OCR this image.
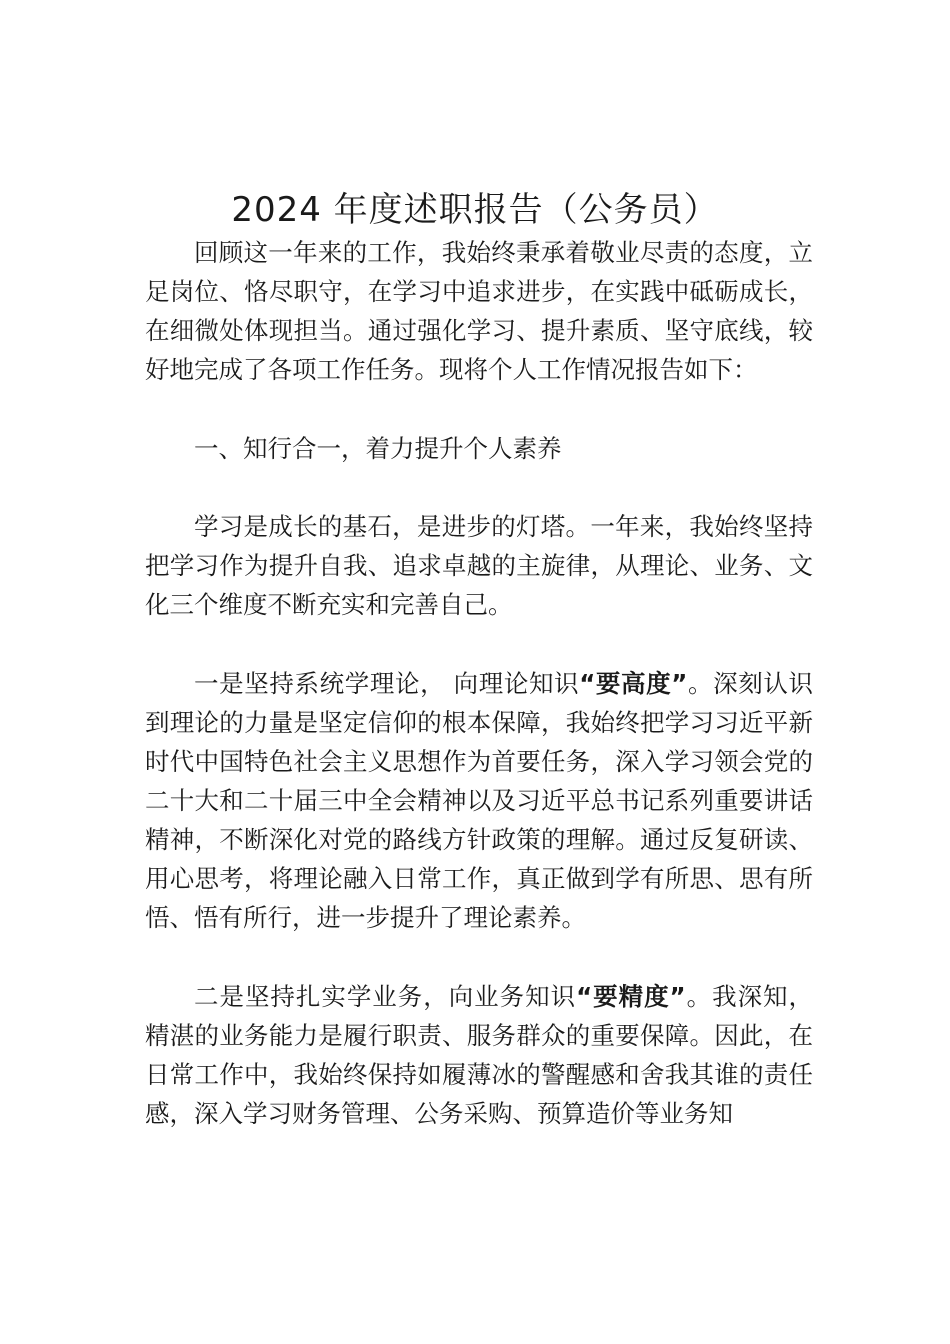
2024 年度述职报告（公务员）

回顾这一年来的工作，我始终秉承着敬业尽责的态度，立足岗位、恪尽职守，在学习中追求进步，在实践中砥砺成长，在细微处体现担当。通过强化学习、提升素质、坚守底线，较好地完成了各项工作任务。现将个人工作情况报告如下：

一、知行合一，着力提升个人素养

学习是成长的基石，是进步的灯塔。一年来，我始终坚持把学习作为提升自我、追求卓越的主旋律，从理论、业务、文化三个维度不断充实和完善自己。

一是坚持系统学理论， 向理论知识“要高度”。深刻认识到理论的力量是坚定信仰的根本保障，我始终把学习习近平新时代中国特色社会主义思想作为首要任务，深入学习领会党的二十大和二十届三中全会精神以及习近平总书记系列重要讲话精神，不断深化对党的路线方针政策的理解。通过反复研读、用心思考，将理论融入日常工作，真正做到学有所思、思有所悟、悟有所行，进一步提升了理论素养。

二是坚持扎实学业务，向业务知识“要精度”。我深知，精湛的业务能力是履行职责、服务群众的重要保障。因此，在日常工作中，我始终保持如履薄冰的警醒感和舍我其谁的责任感，深入学习财务管理、公务采购、预算造价等业务知
